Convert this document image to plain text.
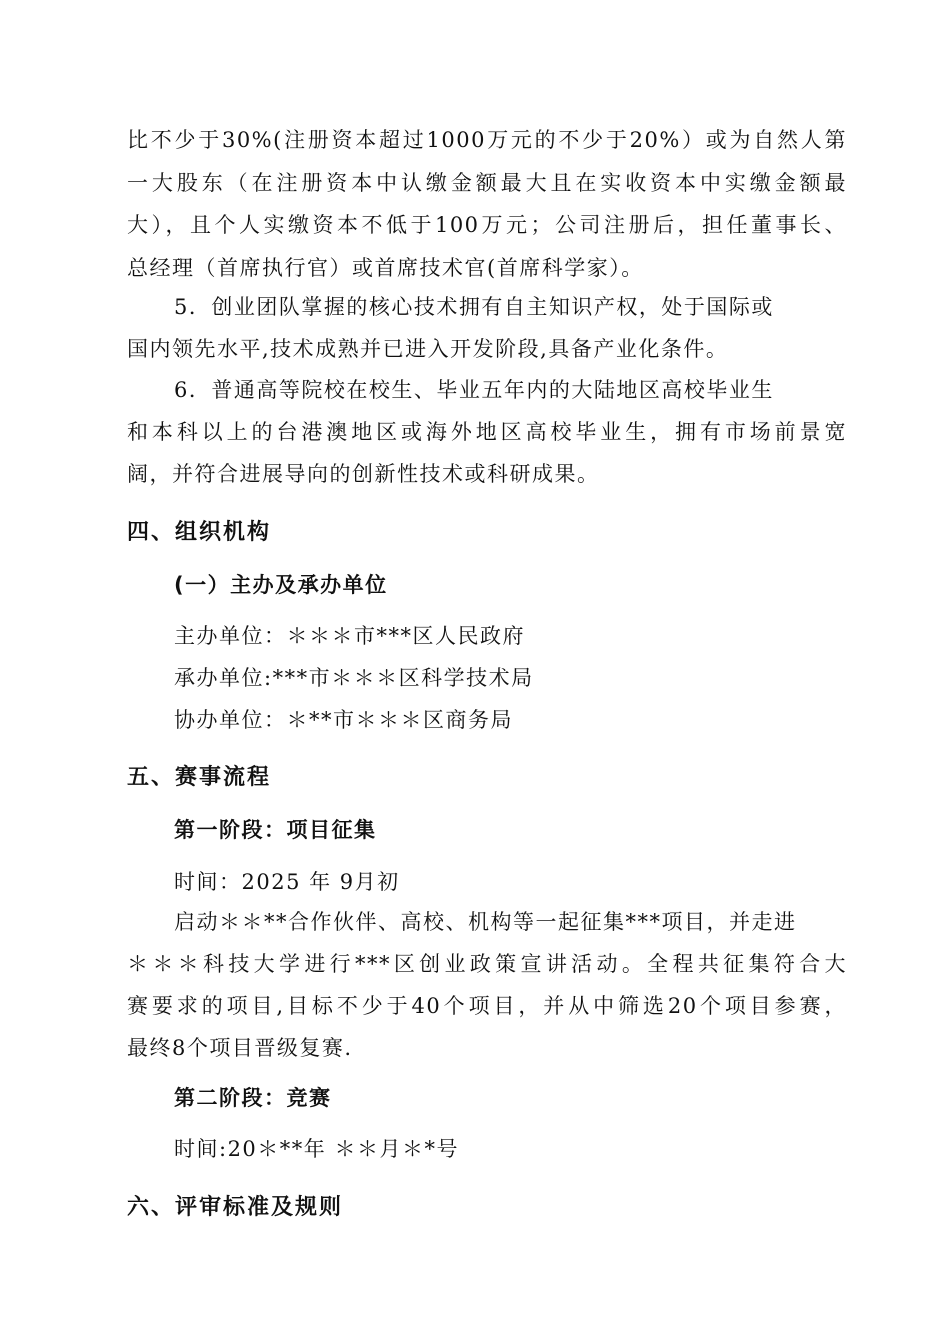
比不少于30%(注册资本超过1000万元的不少于20%）或为自然人第
一大股东（在注册资本中认缴金额最大且在实收资本中实缴金额最
大），且个人实缴资本不低于100万元；公司注册后，担任董事长、
总经理（首席执行官）或首席技术官(首席科学家）。
5．创业团队掌握的核心技术拥有自主知识产权，处于国际或
国内领先水平,技术成熟并已进入开发阶段,具备产业化条件。
6．普通高等院校在校生、毕业五年内的大陆地区高校毕业生
和本科以上的台港澳地区或海外地区高校毕业生，拥有市场前景宽
阔，并符合进展导向的创新性技术或科研成果。
四、组织机构
(一）主办及承办单位
主办单位：＊＊＊市***区人民政府
承办单位:***市＊＊＊区科学技术局
协办单位：＊**市＊＊＊区商务局
五、赛事流程
第一阶段：项目征集
时间：2025 年 9月初
启动＊＊**合作伙伴、高校、机构等一起征集***项目，并走进
＊＊＊科技大学进行***区创业政策宣讲活动。全程共征集符合大
赛要求的项目,目标不少于40个项目，并从中筛选20个项目参赛，
最终8个项目晋级复赛.
第二阶段：竞赛
时间:20＊**年 ＊＊月＊*号
六、评审标准及规则
